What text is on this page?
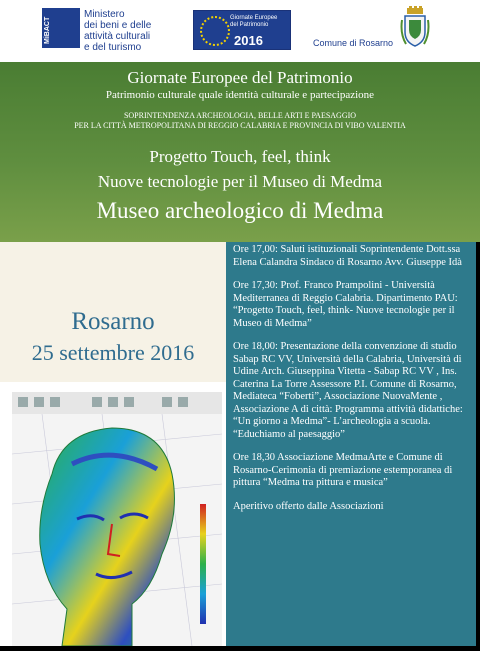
MiBACT
Ministero
dei beni e delle
attività culturali
e del turismo
Giornate Europee
del Patrimonio
2016	Comune di Rosarno
Giornate Europee del Patrimonio
Patrimonio culturale quale identità culturale e partecipazione
SOPRINTENDENZA ARCHEOLOGIA, BELLE ARTI E PAESAGGIO
PER LA CITTÀ METROPOLITANA DI REGGIO CALABRIA E PROVINCIA DI VIBO VALENTIA
Progetto Touch, feel, think
Nuove tecnologie per il Museo di Medma
Museo archeologico di Medma
Rosarno
25 settembre 2016

Ore 17,00: Saluti istituzionali Soprintendente Dott.ssa Elena Calandra Sindaco di Rosarno Avv. Giuseppe Idà

Ore 17,30: Prof. Franco Prampolini - Università Mediterranea di Reggio Calabria. Dipartimento PAU: “Progetto Touch, feel, think- Nuove tecnologie per il Museo di Medma”

Ore 18,00: Presentazione della convenzione di studio Sabap RC VV, Università della Calabria, Università di Udine Arch. Giuseppina Vitetta - Sabap RC VV , Ins. Caterina La Torre Assessore P.I. Comune di Rosarno, Mediateca “Foberti”, Associazione NuovaMente , Associazione A di città: Programma attività didattiche: “Un giorno a Medma”- L’archeologia a scuola. “Educhiamo al paesaggio”

Ore 18,30 Associazione MedmaArte e Comune di Rosarno-Cerimonia di premiazione estemporanea di pittura “Medma tra pittura e musica”

Aperitivo offerto dalle Associazioni
